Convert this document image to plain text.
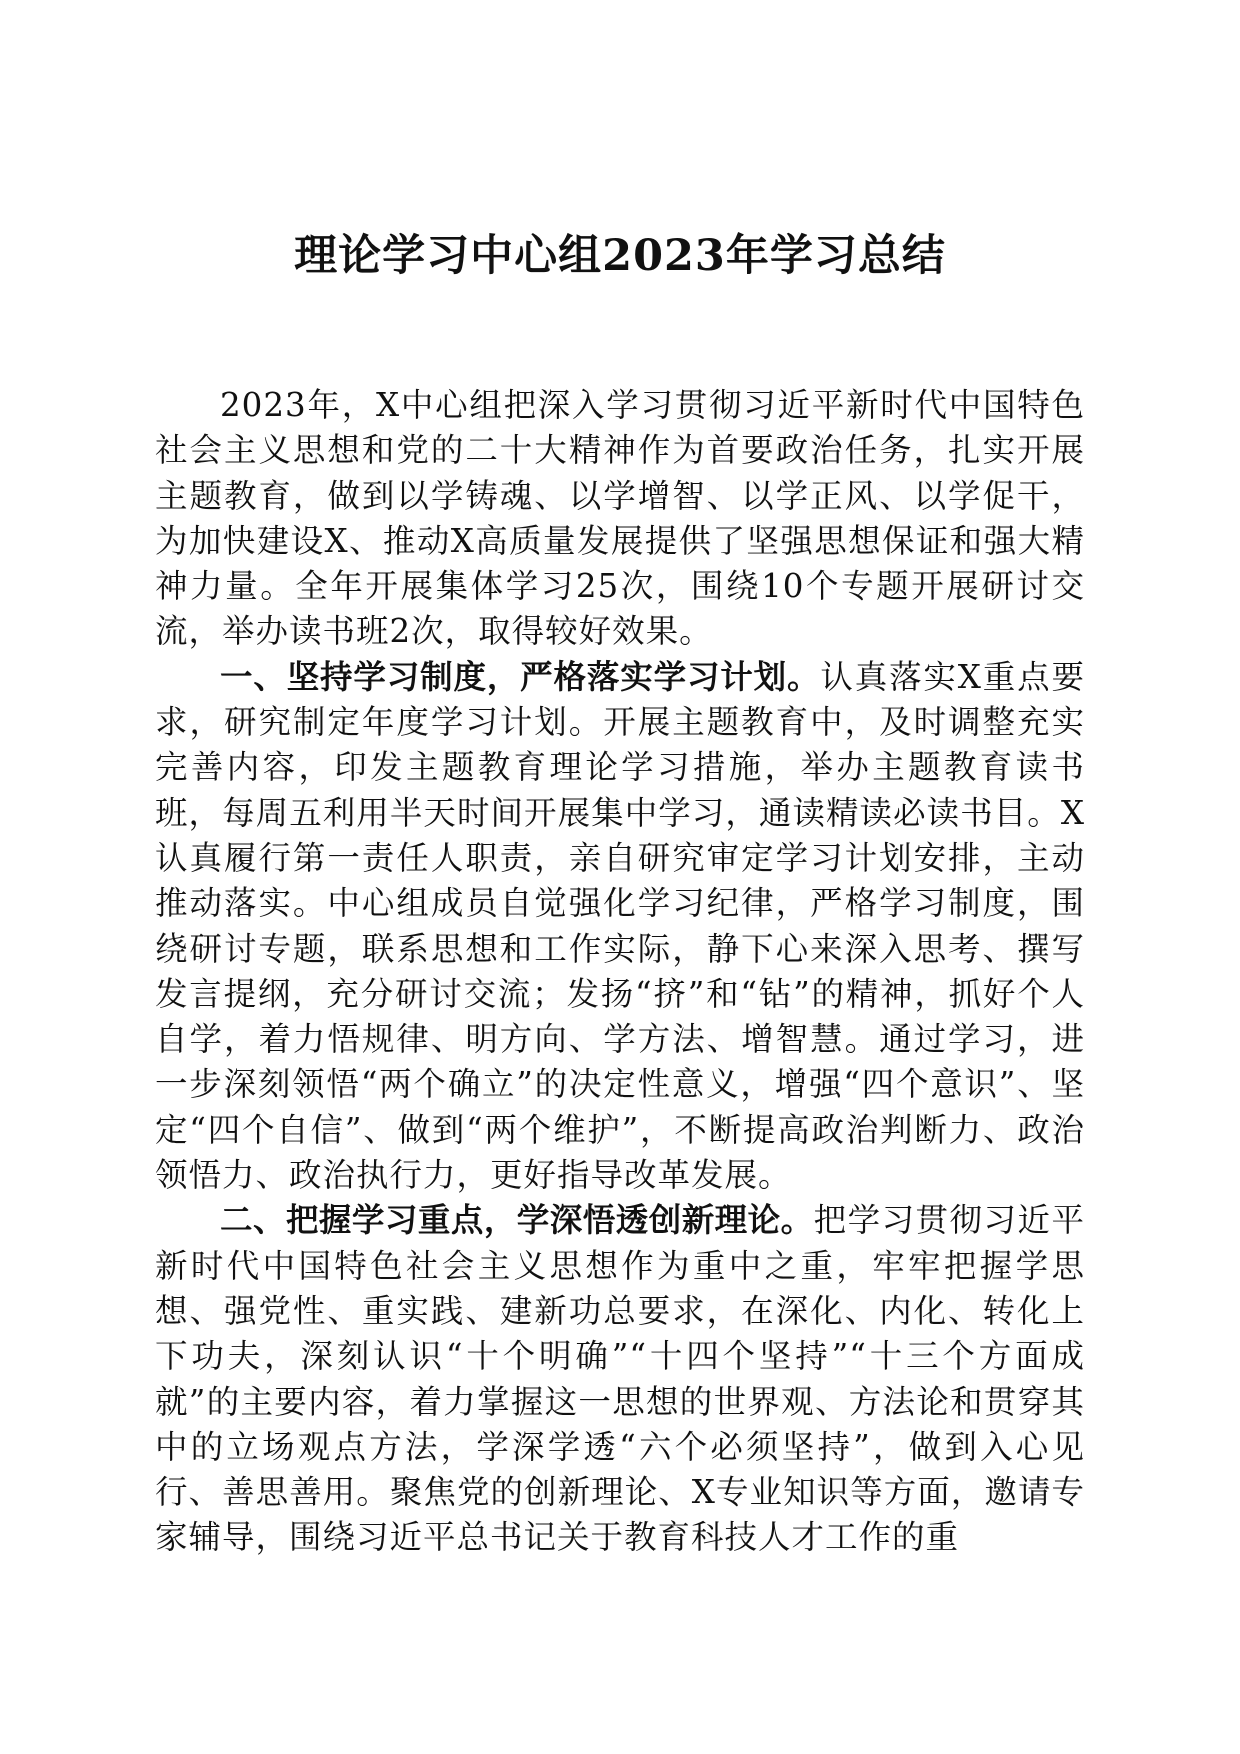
理论学习中心组2023年学习总结

2023年，X中心组把深入学习贯彻习近平新时代中国特色社会主义思想和党的二十大精神作为首要政治任务，扎实开展主题教育，做到以学铸魂、以学增智、以学正风、以学促干，为加快建设X、推动X高质量发展提供了坚强思想保证和强大精神力量。全年开展集体学习25次，围绕10个专题开展研讨交流，举办读书班2次，取得较好效果。

一、坚持学习制度，严格落实学习计划。认真落实X重点要求，研究制定年度学习计划。开展主题教育中，及时调整充实完善内容，印发主题教育理论学习措施，举办主题教育读书班，每周五利用半天时间开展集中学习，通读精读必读书目。X认真履行第一责任人职责，亲自研究审定学习计划安排，主动推动落实。中心组成员自觉强化学习纪律，严格学习制度，围绕研讨专题，联系思想和工作实际，静下心来深入思考、撰写发言提纲，充分研讨交流；发扬“挤”和“钻”的精神，抓好个人自学，着力悟规律、明方向、学方法、增智慧。通过学习，进一步深刻领悟“两个确立”的决定性意义，增强“四个意识”、坚定“四个自信”、做到“两个维护”，不断提高政治判断力、政治领悟力、政治执行力，更好指导改革发展。

二、把握学习重点，学深悟透创新理论。把学习贯彻习近平新时代中国特色社会主义思想作为重中之重，牢牢把握学思想、强党性、重实践、建新功总要求，在深化、内化、转化上下功夫，深刻认识“十个明确”“十四个坚持”“十三个方面成就”的主要内容，着力掌握这一思想的世界观、方法论和贯穿其中的立场观点方法，学深学透“六个必须坚持”，做到入心见行、善思善用。聚焦党的创新理论、X专业知识等方面，邀请专家辅导，围绕习近平总书记关于教育科技人才工作的重
